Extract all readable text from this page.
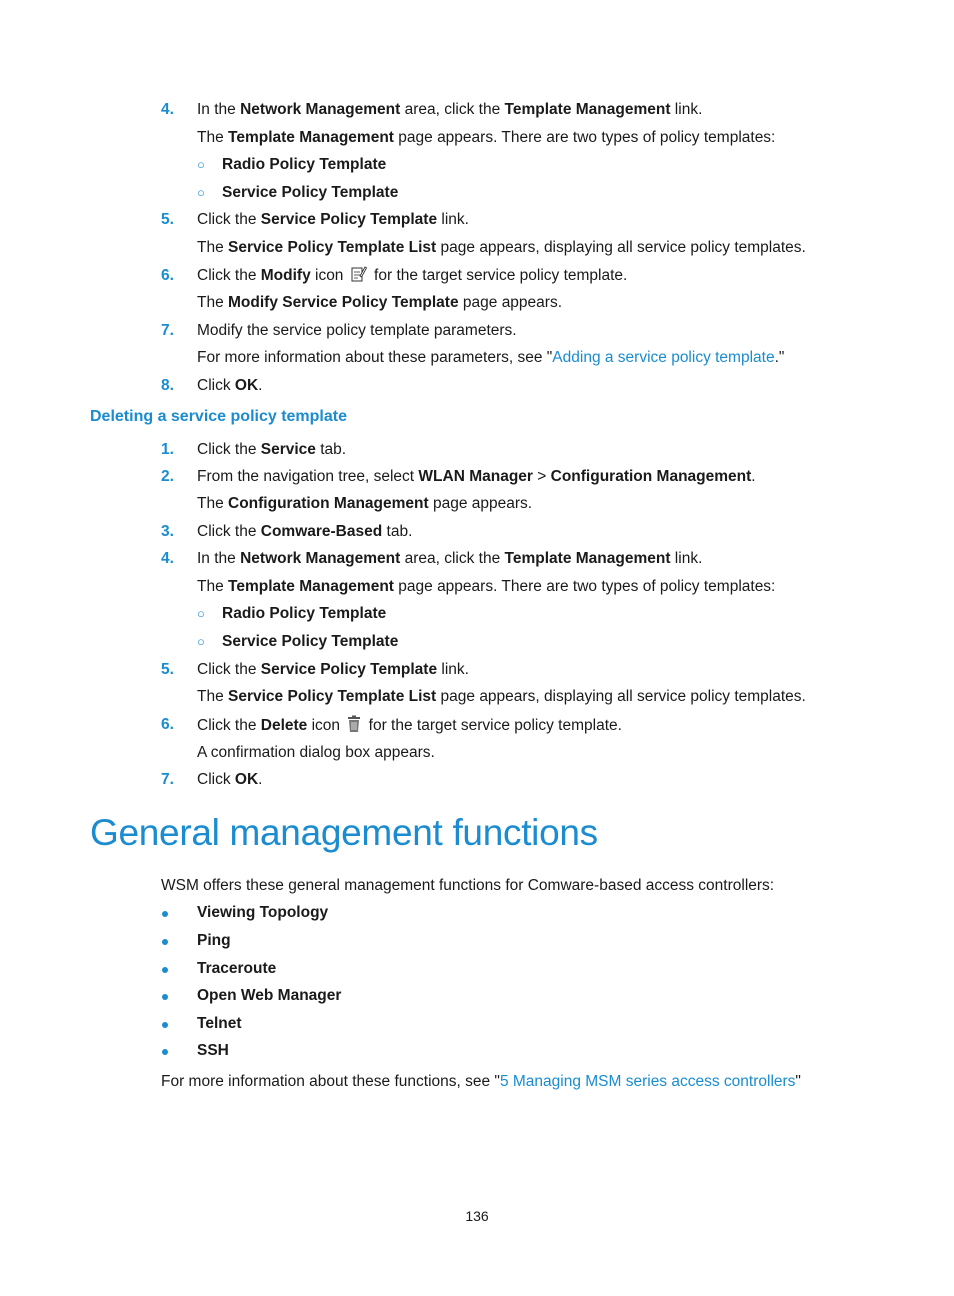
4. In the Network Management area, click the Template Management link.
The Template Management page appears. There are two types of policy templates:
○ Radio Policy Template
○ Service Policy Template
5. Click the Service Policy Template link.
The Service Policy Template List page appears, displaying all service policy templates.
6. Click the Modify icon  for the target service policy template.
The Modify Service Policy Template page appears.
7. Modify the service policy template parameters.
For more information about these parameters, see "Adding a service policy template."
8. Click OK.
Deleting a service policy template
1. Click the Service tab.
2. From the navigation tree, select WLAN Manager > Configuration Management.
The Configuration Management page appears.
3. Click the Comware-Based tab.
4. In the Network Management area, click the Template Management link.
The Template Management page appears. There are two types of policy templates:
○ Radio Policy Template
○ Service Policy Template
5. Click the Service Policy Template link.
The Service Policy Template List page appears, displaying all service policy templates.
6. Click the Delete icon  for the target service policy template.
A confirmation dialog box appears.
7. Click OK.
General management functions
WSM offers these general management functions for Comware-based access controllers:
Viewing Topology
Ping
Traceroute
Open Web Manager
Telnet
SSH
For more information about these functions, see "5 Managing MSM series access controllers"
136
